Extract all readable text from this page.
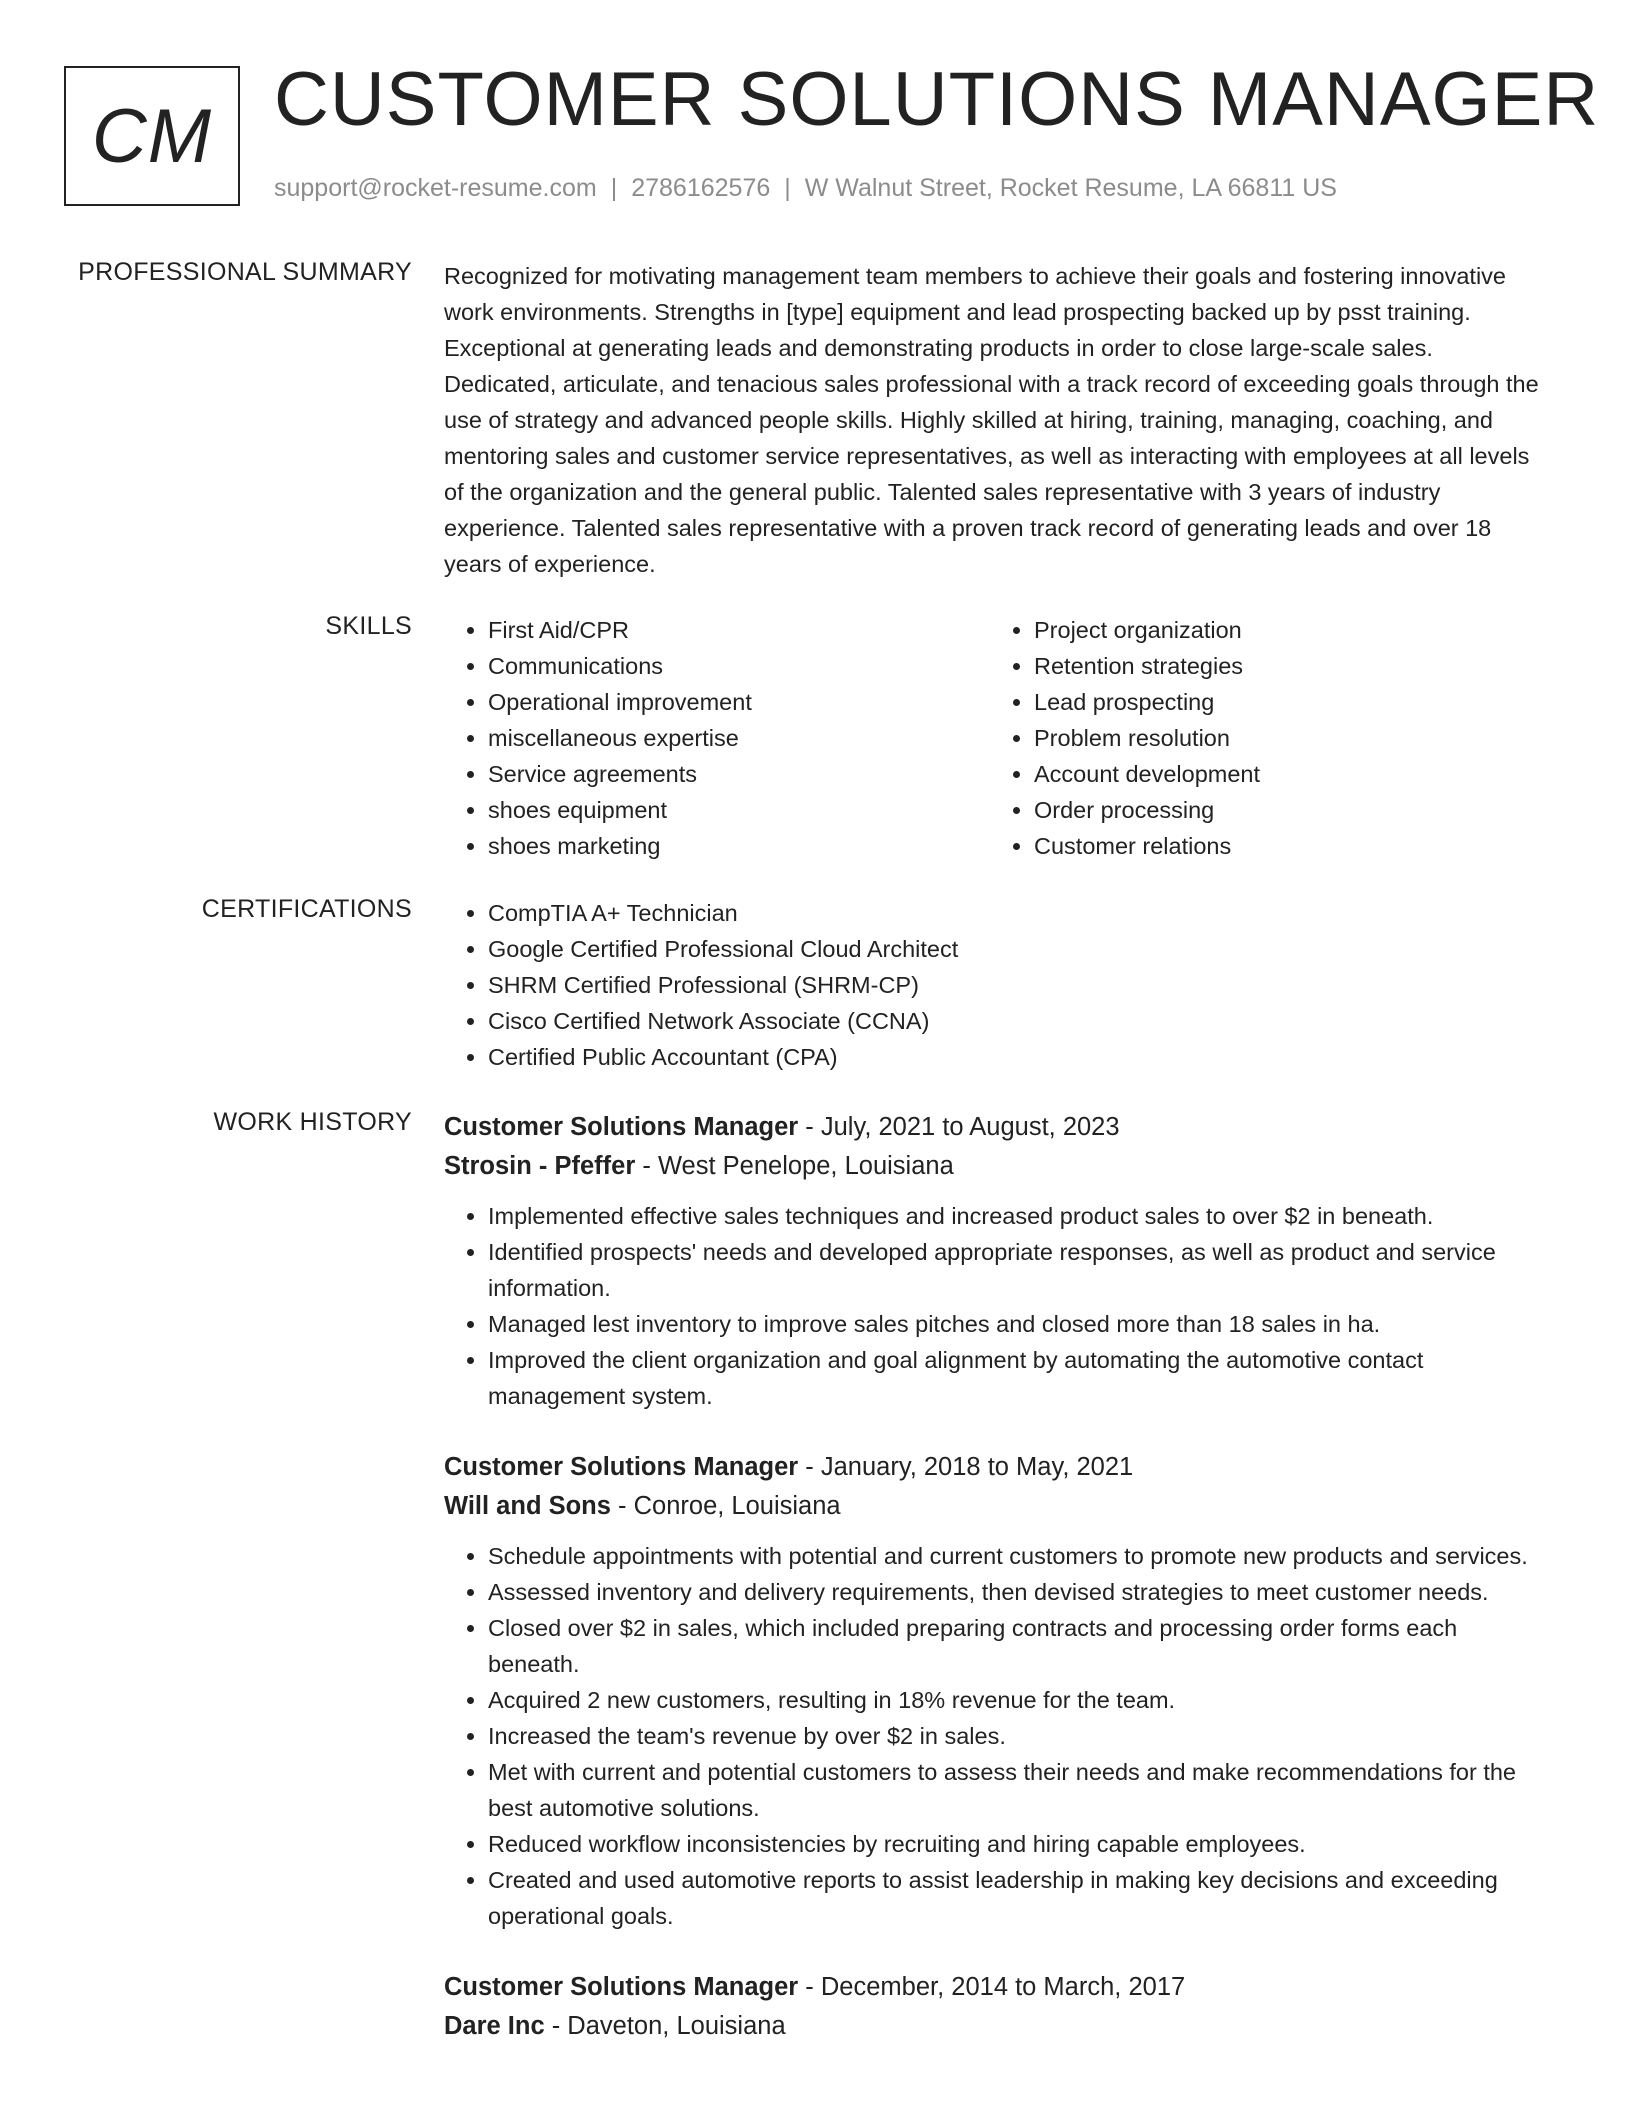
CM CUSTOMER SOLUTIONS MANAGER
support@rocket-resume.com | 2786162576 | W Walnut Street, Rocket Resume, LA 66811 US
PROFESSIONAL SUMMARY Recognized for motivating management team members to achieve their goals and fostering innovative work environments. Strengths in [type] equipment and lead prospecting backed up by psst training. Exceptional at generating leads and demonstrating products in order to close large-scale sales. Dedicated, articulate, and tenacious sales professional with a track record of exceeding goals through the use of strategy and advanced people skills. Highly skilled at hiring, training, managing, coaching, and mentoring sales and customer service representatives, as well as interacting with employees at all levels of the organization and the general public. Talented sales representative with 3 years of industry experience. Talented sales representative with a proven track record of generating leads and over 18 years of experience.

SKILLS	• First Aid/CPR
• Communications
• Operational improvement
• miscellaneous expertise
• Service agreements
• shoes equipment
• shoes marketing
• Project organization
• Retention strategies
• Lead prospecting
• Problem resolution
• Account development
• Order processing
• Customer relations
CERTIFICATIONS	• CompTIA A+ Technician
• Google Certified Professional Cloud Architect
• SHRM Certified Professional (SHRM-CP)
• Cisco Certified Network Associate (CCNA)
• Certified Public Accountant (CPA)
WORK HISTORY Customer Solutions Manager - July, 2021 to August, 2023
Strosin - Pfeffer - West Penelope, Louisiana
• Implemented effective sales techniques and increased product sales to over $2 in beneath.
• Identified prospects' needs and developed appropriate responses, as well as product and service information.
• Managed lest inventory to improve sales pitches and closed more than 18 sales in ha.
• Improved the client organization and goal alignment by automating the automotive contact management system.
Customer Solutions Manager - January, 2018 to May, 2021
Will and Sons - Conroe, Louisiana
• Schedule appointments with potential and current customers to promote new products and services.
• Assessed inventory and delivery requirements, then devised strategies to meet customer needs.
• Closed over $2 in sales, which included preparing contracts and processing order forms each beneath.
• Acquired 2 new customers, resulting in 18% revenue for the team.
• Increased the team's revenue by over $2 in sales.
• Met with current and potential customers to assess their needs and make recommendations for the best automotive solutions.
• Reduced workflow inconsistencies by recruiting and hiring capable employees.
• Created and used automotive reports to assist leadership in making key decisions and exceeding operational goals.
Customer Solutions Manager - December, 2014 to March, 2017
Dare Inc - Daveton, Louisiana
